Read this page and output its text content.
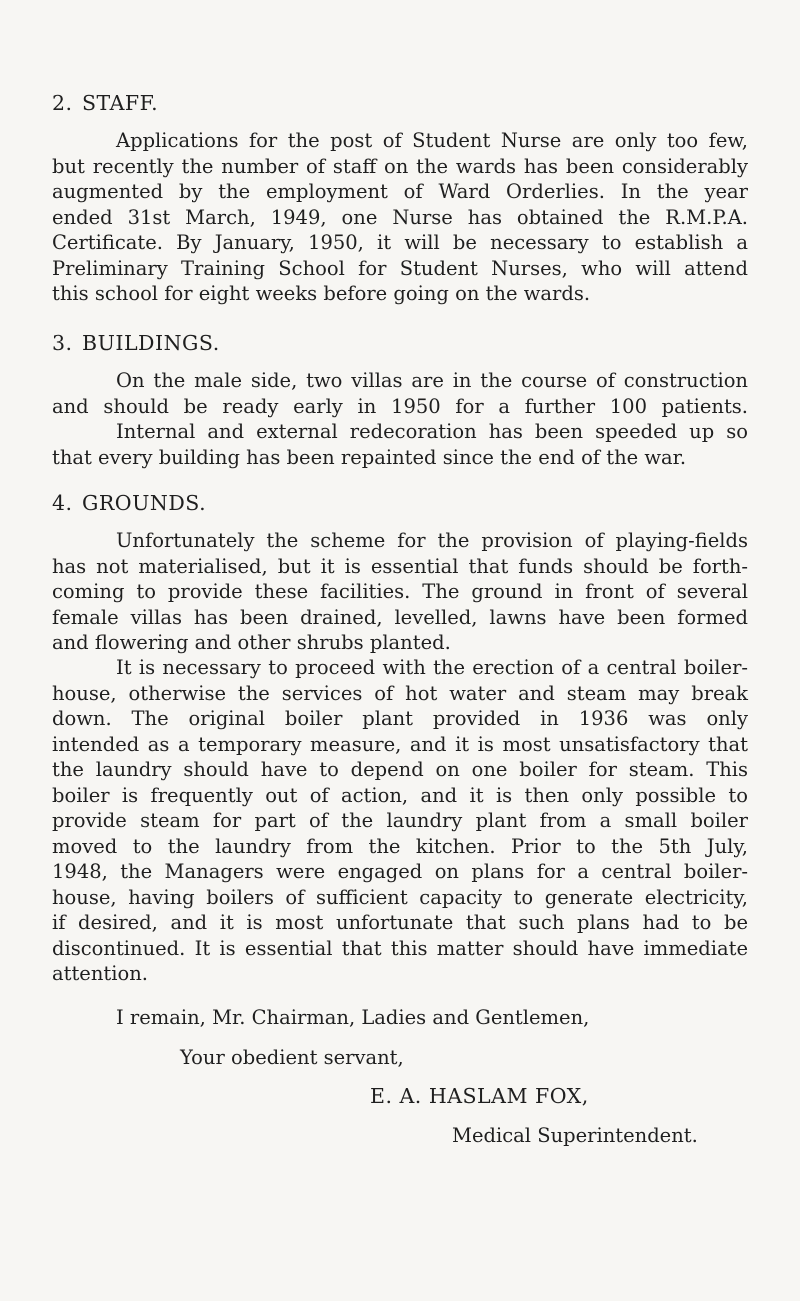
2. STAFF.

Applications for the post of Student Nurse are only too few,
but recently the number of staff on the wards has been considerably
augmented by the employment of Ward Orderlies. In the year
ended 31st March, 1949, one Nurse has obtained the R.M.P.A.
Certificate. By January, 1950, it will be necessary to establish a
Preliminary Training School for Student Nurses, who will attend
this school for eight weeks before going on the wards.

3. BUILDINGS.

On the male side, two villas are in the course of construction
and should be ready early in 1950 for a further 100 patients.
Internal and external redecoration has been speeded up so
that every building has been repainted since the end of the war.

4. GROUNDS.

Unfortunately the scheme for the provision of playing-fields
has not materialised, but it is essential that funds should be forth-
coming to provide these facilities. The ground in front of several
female villas has been drained, levelled, lawns have been formed
and flowering and other shrubs planted.

It is necessary to proceed with the erection of a central boiler-
house, otherwise the services of hot water and steam may break
down. The original boiler plant provided in 1936 was only
intended as a temporary measure, and it is most unsatisfactory that
the laundry should have to depend on one boiler for steam. This
boiler is frequently out of action, and it is then only possible to
provide steam for part of the laundry plant from a small boiler
moved to the laundry from the kitchen. Prior to the 5th July,
1948, the Managers were engaged on plans for a central boiler-
house, having boilers of sufficient capacity to generate electricity,
if desired, and it is most unfortunate that such plans had to be
discontinued. It is essential that this matter should have immediate
attention.

I remain, Mr. Chairman, Ladies and Gentlemen,

Your obedient servant,

E. A. HASLAM FOX,

Medical Superintendent.
